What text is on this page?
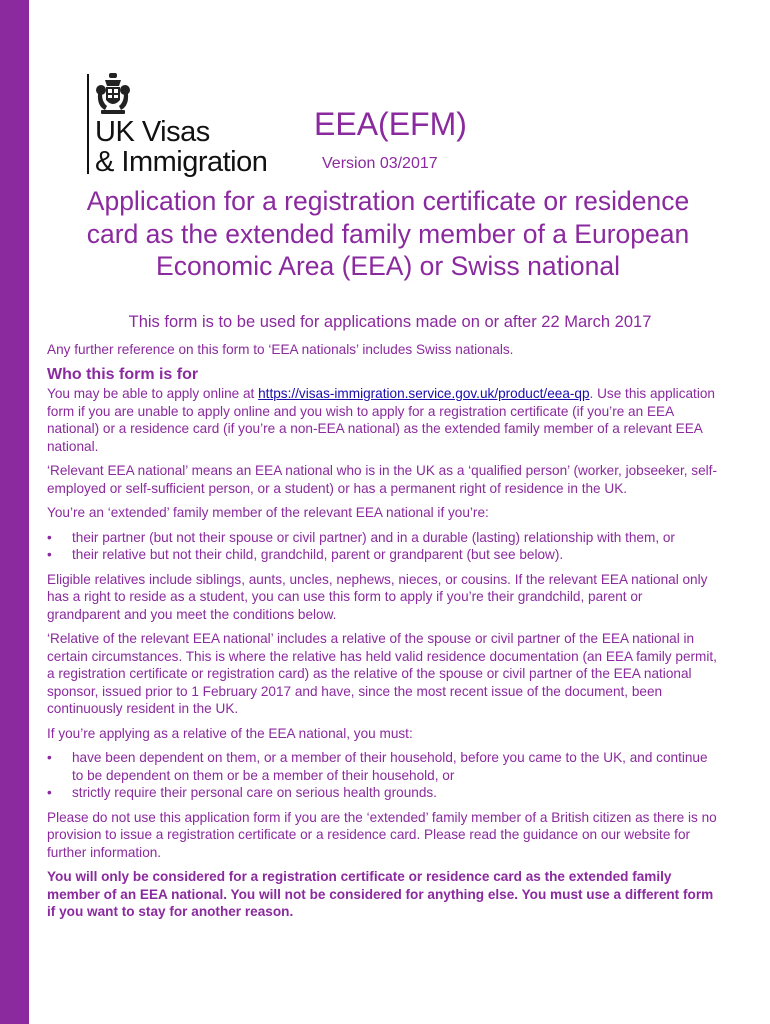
UK Visas
& Immigration
EEA(EFM)
Version 03/2017
Application for a registration certificate or residence card as the extended family member of a European Economic Area (EEA) or Swiss national
This form is to be used for applications made on or after 22 March 2017

Any further reference on this form to ‘EEA nationals’ includes Swiss nationals.

Who this form is for

You may be able to apply online at https://visas-immigration.service.gov.uk/product/eea-qp. Use this application form if you are unable to apply online and you wish to apply for a registration certificate (if you’re an EEA national) or a residence card (if you’re a non-EEA national) as the extended family member of a relevant EEA national.

‘Relevant EEA national’ means an EEA national who is in the UK as a ‘qualified person’ (worker, jobseeker, self-employed or self-sufficient person, or a student) or has a permanent right of residence in the UK.

You’re an ‘extended’ family member of the relevant EEA national if you’re:

• their partner (but not their spouse or civil partner) and in a durable (lasting) relationship with them, or
• their relative but not their child, grandchild, parent or grandparent (but see below).

Eligible relatives include siblings, aunts, uncles, nephews, nieces, or cousins. If the relevant EEA national only has a right to reside as a student, you can use this form to apply if you’re their grandchild, parent or grandparent and you meet the conditions below.

‘Relative of the relevant EEA national’ includes a relative of the spouse or civil partner of the EEA national in certain circumstances. This is where the relative has held valid residence documentation (an EEA family permit, a registration certificate or registration card) as the relative of the spouse or civil partner of the EEA national sponsor, issued prior to 1 February 2017 and have, since the most recent issue of the document, been continuously resident in the UK.

If you’re applying as a relative of the EEA national, you must:

• have been dependent on them, or a member of their household, before you came to the UK, and continue to be dependent on them or be a member of their household, or
• strictly require their personal care on serious health grounds.

Please do not use this application form if you are the ‘extended’ family member of a British citizen as there is no provision to issue a registration certificate or a residence card. Please read the guidance on our website for further information.

You will only be considered for a registration certificate or residence card as the extended family member of an EEA national. You will not be considered for anything else. You must use a different form if you want to stay for another reason.
